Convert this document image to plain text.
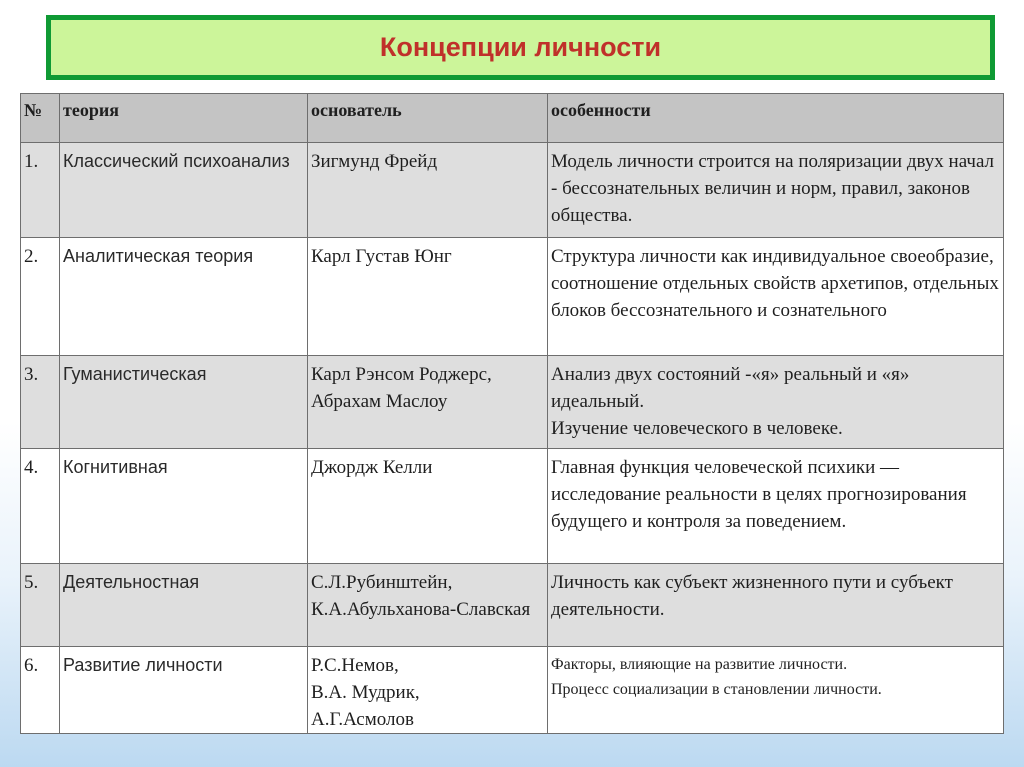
Концепции личности
№	теория	основатель	особенности
1.	Классический психоанализ	Зигмунд Фрейд	Модель личности строится на поляризации двух начал - бессознательных величин и норм, правил, законов общества.
2.	Аналитическая теория	Карл Густав Юнг	Структура личности как индивидуальное своеобразие, соотношение отдельных свойств архетипов, отдельных блоков бессознательного и сознательного
3.	Гуманистическая	Карл Рэнсом Роджерс, Абрахам Маслоу	Анализ двух состояний -«я» реальный и «я» идеальный.
Изучение человеческого в человеке.

4.	Когнитивная	Джордж Келли	Главная функция человеческой психики — исследование реальности в целях прогнозирования будущего и контроля за поведением.
5.	Деятельностная	С.Л.Рубинштейн, К.А.Абульханова-Славская	Личность как субъект жизненного пути и субъект деятельности.
6.	Развитие личности	Р.С.Немов,
В.А. Мудрик,
А.Г.Асмолов	Факторы, влияющие на развитие личности.
Процесс социализации в становлении личности.
